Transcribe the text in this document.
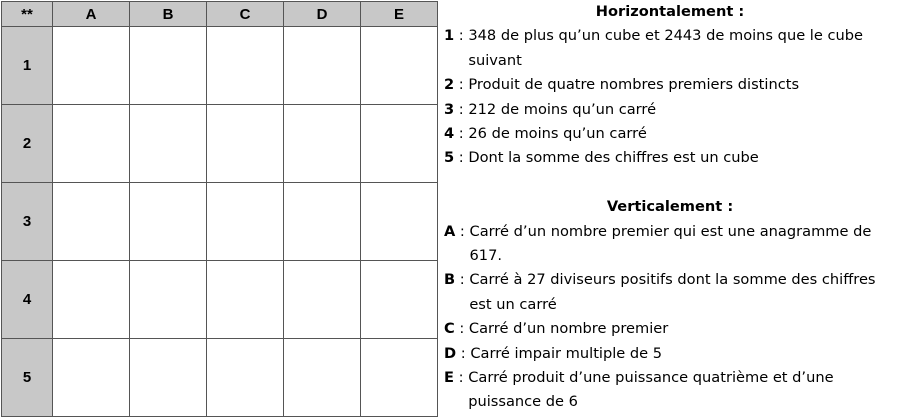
**	A	B	C	D	E
1					
2					
3					
4					
5					
Horizontalement :
1 : 348 de plus qu’un cube et 2443 de moins que le cube suivant
2 : Produit de quatre nombres premiers distincts
3 : 212 de moins qu’un carré
4 : 26 de moins qu’un carré
5 : Dont la somme des chiffres est un cube
Verticalement :
A : Carré d’un nombre premier qui est une anagramme de 617.
B : Carré à 27 diviseurs positifs dont la somme des chiffres est un carré
C : Carré d’un nombre premier
D : Carré impair multiple de 5
E : Carré produit d’une puissance quatrième et d’une puissance de 6
